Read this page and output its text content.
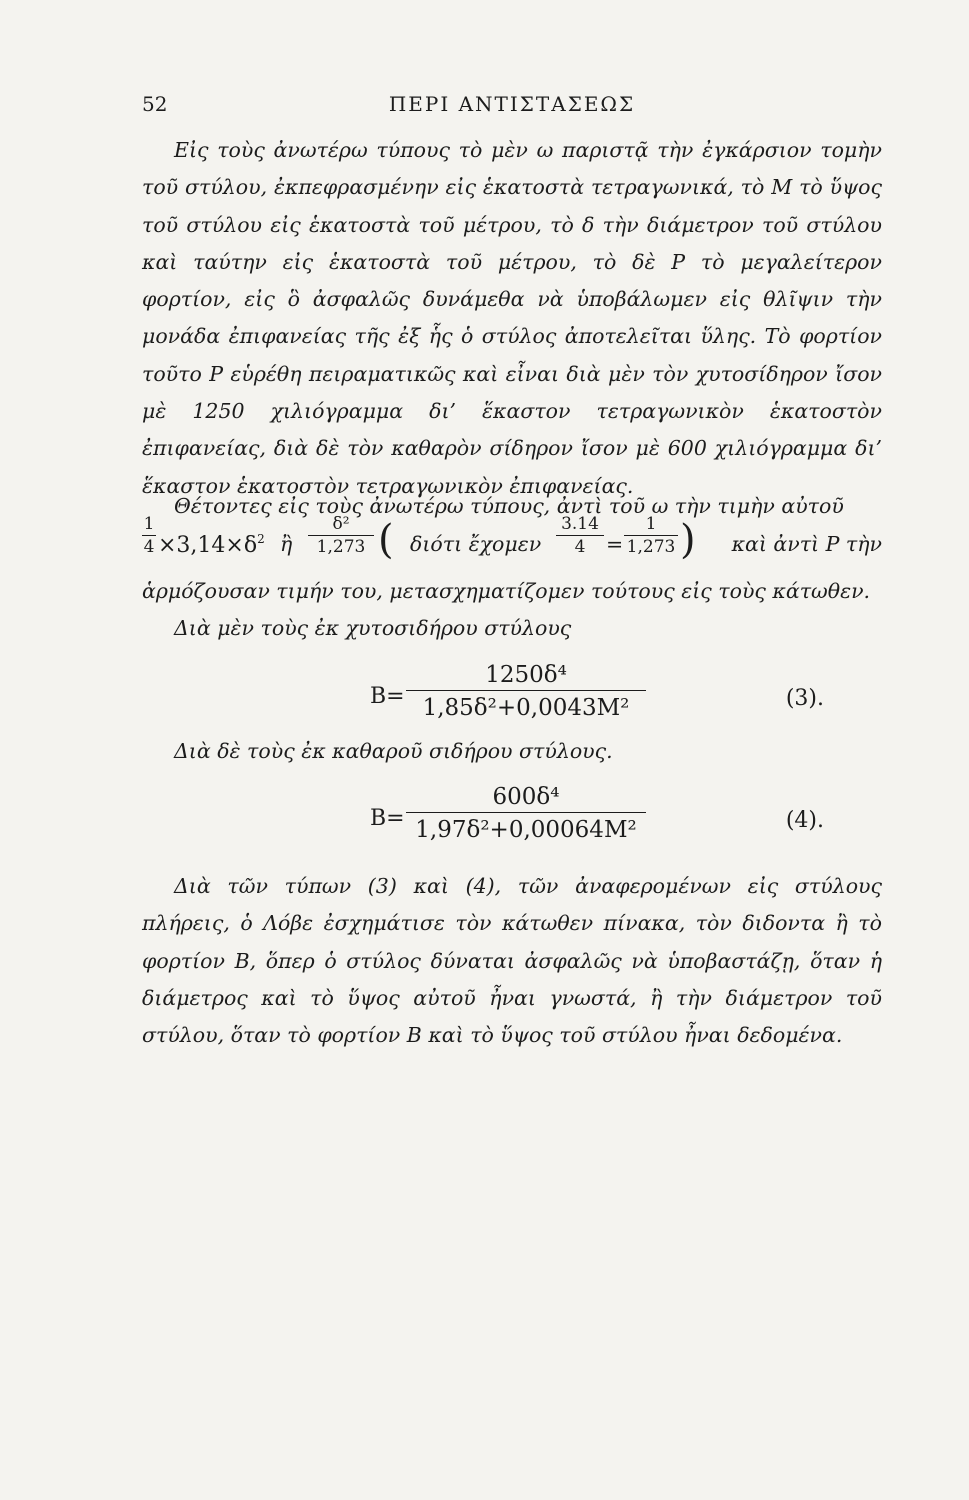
52	ΠΕΡΙ ΑΝΤΙΣΤΑΣΕΩΣ

Εἰς τοὺς ἀνωτέρω τύπους τὸ μὲν ω παριστᾷ τὴν ἐγκάρσιον τομὴν τοῦ στύλου, ἐκπεφρασμένην εἰς ἑκατοστὰ τετραγωνικά, τὸ M τὸ ὕψος τοῦ στύλου εἰς ἑκατοστὰ τοῦ μέτρου, τὸ δ τὴν διάμετρον τοῦ στύλου καὶ ταύτην εἰς ἑκατοστὰ τοῦ μέτρου, τὸ δὲ P τὸ μεγαλείτερον φορτίον, εἰς ὃ ἀσφαλῶς δυνάμεθα νὰ ὑποβάλωμεν εἰς θλῖψιν τὴν μονάδα ἐπιφανείας τῆς ἐξ ἧς ὁ στύλος ἀποτελεῖται ὕλης. Τὸ φορτίον τοῦτο P εὑρέθη πειραματικῶς καὶ εἶναι διὰ μὲν τὸν χυτοσίδηρον ἴσον μὲ 1250 χιλιόγραμμα δι’ ἕκαστον τετραγωνικὸν ἑκατοστὸν ἐπιφανείας, διὰ δὲ τὸν καθαρὸν σίδηρον ἴσον μὲ 600 χιλιόγραμμα δι’ ἕκαστον ἑκατοστὸν τετραγωνικὸν ἐπιφανείας.

Θέτοντες εἰς τοὺς ἀνωτέρω τύπους, ἀντὶ τοῦ ω τὴν τιμὴν αὐτοῦ

1
$4 \times 3,14\times\delta^2$ ἢ
δ²
1,273 ( διότι ἔχομεν
3.14
4	=
1
1,273 )	καὶ ἀντὶ P τὴν

ἁρμόζουσαν τιμήν του, μετασχηματίζομεν τούτους εἰς τοὺς κάτωθεν.

Διὰ μὲν τοὺς ἐκ χυτοσιδήρου στύλους

B=
1250δ⁴
1,85δ²+0,0043M²	(3).

Διὰ δὲ τοὺς ἐκ καθαροῦ σιδήρου στύλους.

B=
600δ⁴
1,97δ²+0,00064M²	(4).

Διὰ τῶν τύπων (3) καὶ (4), τῶν ἀναφερομένων εἰς στύλους πλήρεις, ὁ Λόβε ἐσχημάτισε τὸν κάτωθεν πίνακα, τὸν διδοντα ἢ τὸ φορτίον B, ὅπερ ὁ στύλος δύναται ἀσφαλῶς νὰ ὑποβαστάζῃ, ὅταν ἡ διάμετρος καὶ τὸ ὕψος αὐτοῦ ἦναι γνωστά, ἢ τὴν διάμετρον τοῦ στύλου, ὅταν τὸ φορτίον B καὶ τὸ ὕψος τοῦ στύλου ἦναι δεδομένα.
